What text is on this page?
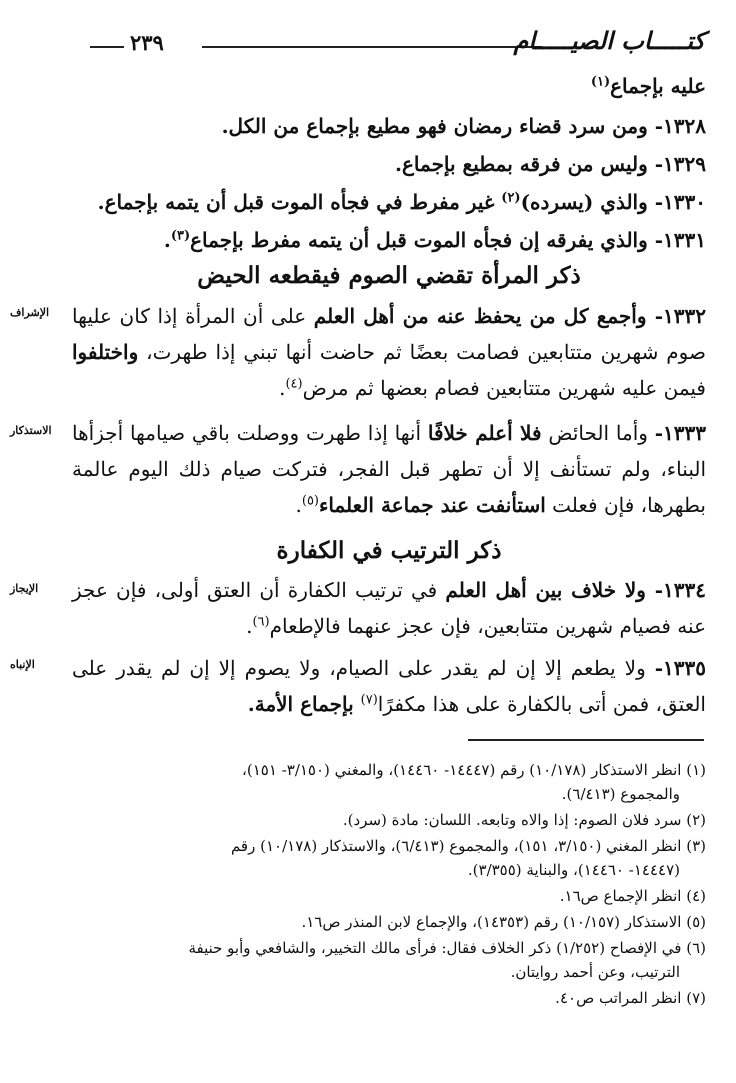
٢٣٩	كتـــــاب الصيـــــام
عليه بإجماع$^{(١)}$
١٣٢٨- ومن سرد قضاء رمضان فهو مطيع بإجماع من الكل.
١٣٢٩- وليس من فرقه بمطيع بإجماع.
١٣٣٠- والذي (يسرده)$^{(٢)}$ غير مفرط في فجأه الموت قبل أن يتمه بإجماع.
١٣٣١- والذي يفرقه إن فجأه الموت قبل أن يتمه مفرط بإجماع$^{(٣)}$.
ذكر المرأة تقضي الصوم فيقطعه الحيض
الإشراف	١٣٣٢- وأجمع كل من يحفظ عنه من أهل العلم على أن المرأة إذا كان عليها صوم شهرين متتابعين فصامت بعضًا ثم حاضت أنها تبني إذا طهرت، واختلفوا فيمن عليه شهرين متتابعين فصام بعضها ثم مرض$^{(٤)}$.
الاستذكار	١٣٣٣- وأما الحائض فلا أعلم خلافًا أنها إذا طهرت ووصلت باقي صيامها أجزأها البناء، ولم تستأنف إلا أن تطهر قبل الفجر، فتركت صيام ذلك اليوم عالمة بطهرها، فإن فعلت استأنفت عند جماعة العلماء$^{(٥)}$.
ذكر الترتيب في الكفارة
الإيجاز	١٣٣٤- ولا خلاف بين أهل العلم في ترتيب الكفارة أن العتق أولى، فإن عجز عنه فصيام شهرين متتابعين، فإن عجز عنهما فالإطعام$^{(٦)}$.
الإنباه	١٣٣٥- ولا يطعم إلا إن لم يقدر على الصيام، ولا يصوم إلا إن لم يقدر على العتق، فمن أتى بالكفارة على هذا مكفرًا$^{(٧)}$ بإجماع الأمة.
(١) انظر الاستذكار (١٠/١٧٨) رقم (١٤٤٤٧- ١٤٤٦٠)، والمغني (٣/١٥٠- ١٥١)،
والمجموع (٦/٤١٣).
(٢) سرد فلان الصوم: إذا والاه وتابعه. اللسان: مادة (سرد).
(٣) انظر المغني (٣/١٥٠، ١٥١)، والمجموع (٦/٤١٣)، والاستذكار (١٠/١٧٨) رقم
(١٤٤٤٧- ١٤٤٦٠)، والبناية (٣/٣٥٥).
(٤) انظر الإجماع ص١٦.
(٥) الاستذكار (١٠/١٥٧) رقم (١٤٣٥٣)، والإجماع لابن المنذر ص١٦.
(٦) في الإفصاح (١/٢٥٢) ذكر الخلاف فقال: فرأى مالك التخيير، والشافعي وأبو حنيفة
الترتيب، وعن أحمد روايتان.
(٧) انظر المراتب ص٤٠.
